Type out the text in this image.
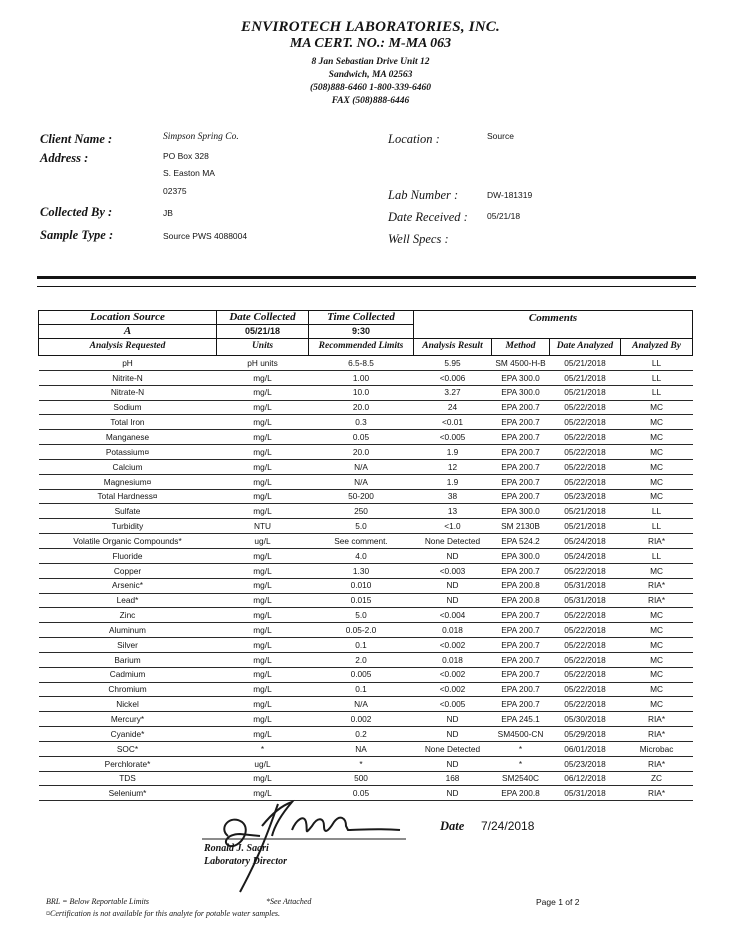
ENVIROTECH LABORATORIES, INC.
MA CERT. NO.: M-MA 063
8 Jan Sebastian Drive Unit 12
Sandwich, MA 02563
(508)888-6460 1-800-339-6460
FAX (508)888-6446
Client Name :	Simpson Spring Co.
Address :	PO Box 328
S. Easton MA
02375
Collected By :	JB
Sample Type :	Source PWS 4088004
Location :	Source
Lab Number :	DW-181319
Date Received : 05/21/18
Well Specs :
Location Source	Date Collected	Time Collected	Comments			
A	05/21/18	9:30				
Analysis Requested	Units	Recommended Limits	Analysis Result	Method	Date Analyzed	Analyzed By
pH	pH units	6.5-8.5	5.95	SM 4500-H-B	05/21/2018	LL
Nitrite-N	mg/L	1.00	<0.006	EPA 300.0	05/21/2018	LL
Nitrate-N	mg/L	10.0	3.27	EPA 300.0	05/21/2018	LL
Sodium	mg/L	20.0	24	EPA 200.7	05/22/2018	MC
Total Iron	mg/L	0.3	<0.01	EPA 200.7	05/22/2018	MC
Manganese	mg/L	0.05	<0.005	EPA 200.7	05/22/2018	MC
Potassium¤	mg/L	20.0	1.9	EPA 200.7	05/22/2018	MC
Calcium	mg/L	N/A	12	EPA 200.7	05/22/2018	MC
Magnesium¤	mg/L	N/A	1.9	EPA 200.7	05/22/2018	MC
Total Hardness¤	mg/L	50-200	38	EPA 200.7	05/23/2018	MC
Sulfate	mg/L	250	13	EPA 300.0	05/21/2018	LL
Turbidity	NTU	5.0	<1.0	SM 2130B	05/21/2018	LL
Volatile Organic Compounds*	ug/L	See comment.	None Detected	EPA 524.2	05/24/2018	RIA*
Fluoride	mg/L	4.0	ND	EPA 300.0	05/24/2018	LL
Copper	mg/L	1.30	<0.003	EPA 200.7	05/22/2018	MC
Arsenic*	mg/L	0.010	ND	EPA 200.8	05/31/2018	RIA*
Lead*	mg/L	0.015	ND	EPA 200.8	05/31/2018	RIA*
Zinc	mg/L	5.0	<0.004	EPA 200.7	05/22/2018	MC
Aluminum	mg/L	0.05-2.0	0.018	EPA 200.7	05/22/2018	MC
Silver	mg/L	0.1	<0.002	EPA 200.7	05/22/2018	MC
Barium	mg/L	2.0	0.018	EPA 200.7	05/22/2018	MC
Cadmium	mg/L	0.005	<0.002	EPA 200.7	05/22/2018	MC
Chromium	mg/L	0.1	<0.002	EPA 200.7	05/22/2018	MC
Nickel	mg/L	N/A	<0.005	EPA 200.7	05/22/2018	MC
Mercury*	mg/L	0.002	ND	EPA 245.1	05/30/2018	RIA*
Cyanide*	mg/L	0.2	ND	SM4500-CN	05/29/2018	RIA*
SOC*	*	NA	None Detected	*	06/01/2018	Microbac
Perchlorate*	ug/L	*	ND	*	05/23/2018	RIA*
TDS	mg/L	500	168	SM2540C	06/12/2018	ZC
Selenium*	mg/L	0.05	ND	EPA 200.8	05/31/2018	RIA*
Ronald J. Saari
Laboratory Director
Date 7/24/2018
BRL = Below Reportable Limits	*See Attached
¤Certification is not available for this analyte for potable water samples.
Page 1 of 2
